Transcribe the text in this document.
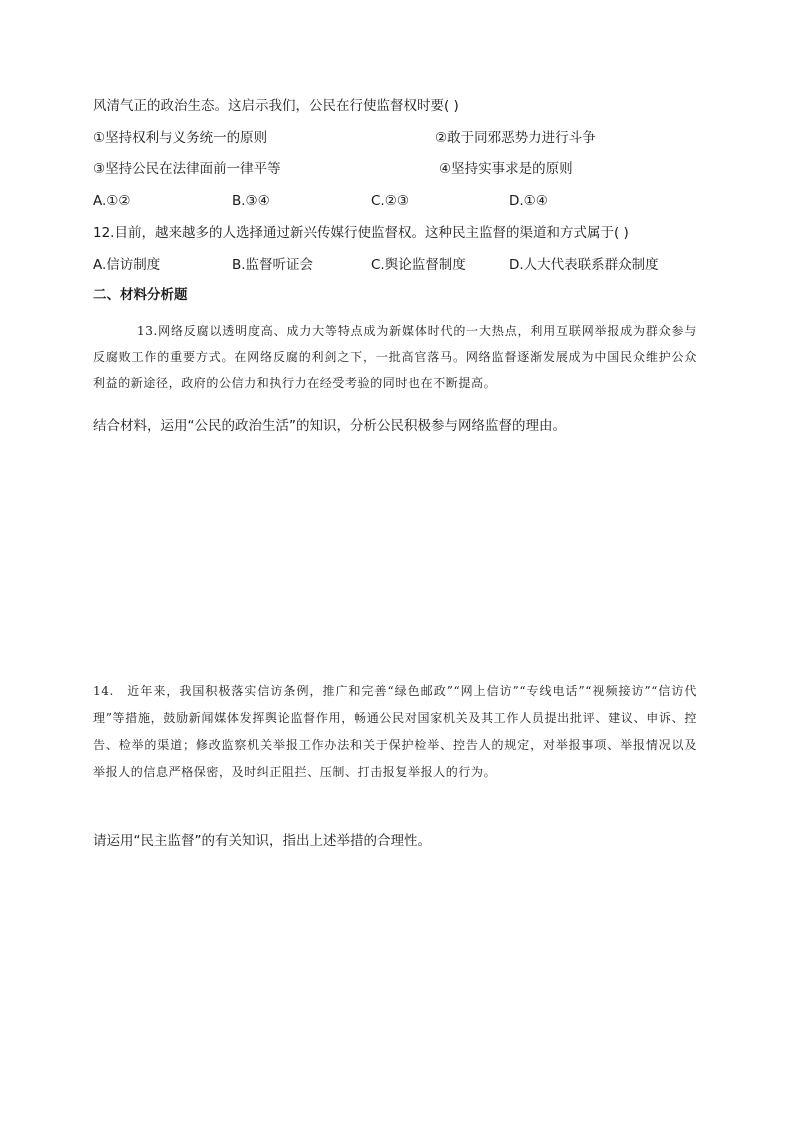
风清气正的政治生态。这启示我们，公民在行使监督权时要( )
①坚持权利与义务统一的原则	②敢于同邪恶势力进行斗争
③坚持公民在法律面前一律平等	④坚持实事求是的原则
A.①②	B.③④	C.②③	D.①④
12.目前，越来越多的人选择通过新兴传媒行使监督权。这种民主监督的渠道和方式属于( )
A.信访制度	B.监督听证会	C.舆论监督制度	D.人大代表联系群众制度
二、材料分析题
13.网络反腐以透明度高、成力大等特点成为新媒体时代的一大热点，利用互联网举报成为群众参与反腐败工作的重要方式。在网络反腐的利剑之下，一批高官落马。网络监督逐渐发展成为中国民众维护公众利益的新途径，政府的公信力和执行力在经受考验的同时也在不断提高。
结合材料，运用“公民的政治生活”的知识，分析公民积极参与网络监督的理由。
14.　近年来，我国积极落实信访条例，推广和完善“绿色邮政”“网上信访”“专线电话”“视频接访”“信访代理”等措施，鼓励新闻媒体发挥舆论监督作用，畅通公民对国家机关及其工作人员提出批评、建议、申诉、控告、检举的渠道；修改监察机关举报工作办法和关于保护检举、控告人的规定，对举报事项、举报情况以及举报人的信息严格保密，及时纠正阻拦、压制、打击报复举报人的行为。
请运用“民主监督”的有关知识，指出上述举措的合理性。
